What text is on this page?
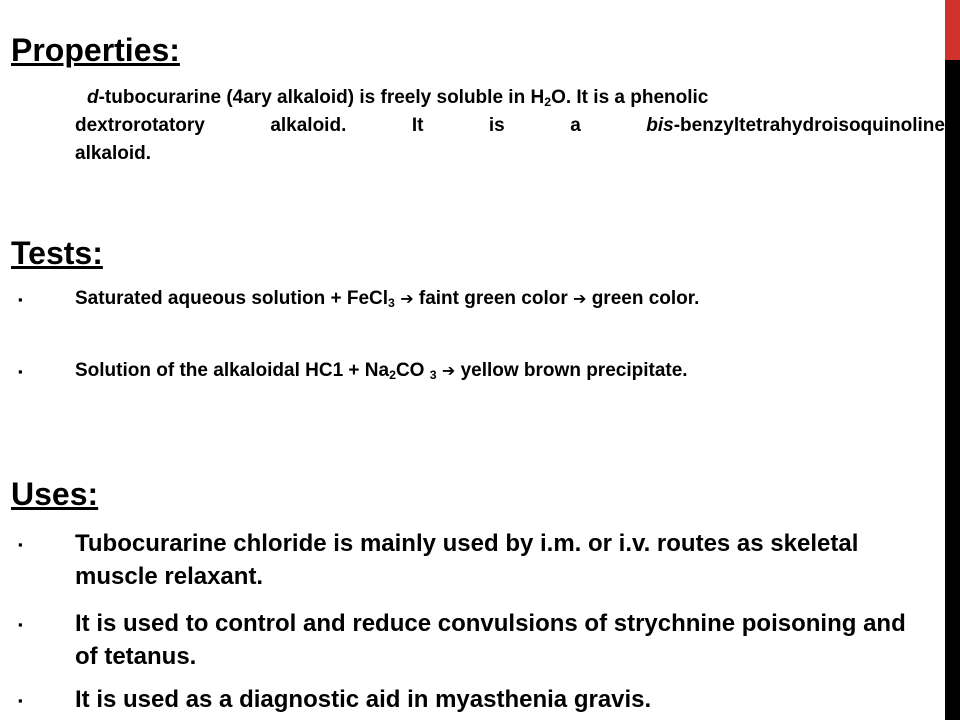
Properties:

d-tubocurarine (4ary alkaloid) is freely soluble in $H_2O$. It is a phenolic
dextrorotatory alkaloid. It is a bis-benzyltetrahydroisoquinoline
alkaloid.

Tests:
▪	Saturated aqueous solution + FeCl$_3$ ➔ faint green color ➔ green color.
▪	Solution of the alkaloidal $HC1 + Na_2CO$ $_3$ ➔ yellow brown precipitate.
Uses:
▪ Tubocurarine chloride is mainly used by i.m. or i.v. routes as skeletal muscle relaxant.
▪ It is used to control and reduce convulsions of strychnine poisoning and of tetanus.
▪ It is used as a diagnostic aid in myasthenia gravis.
